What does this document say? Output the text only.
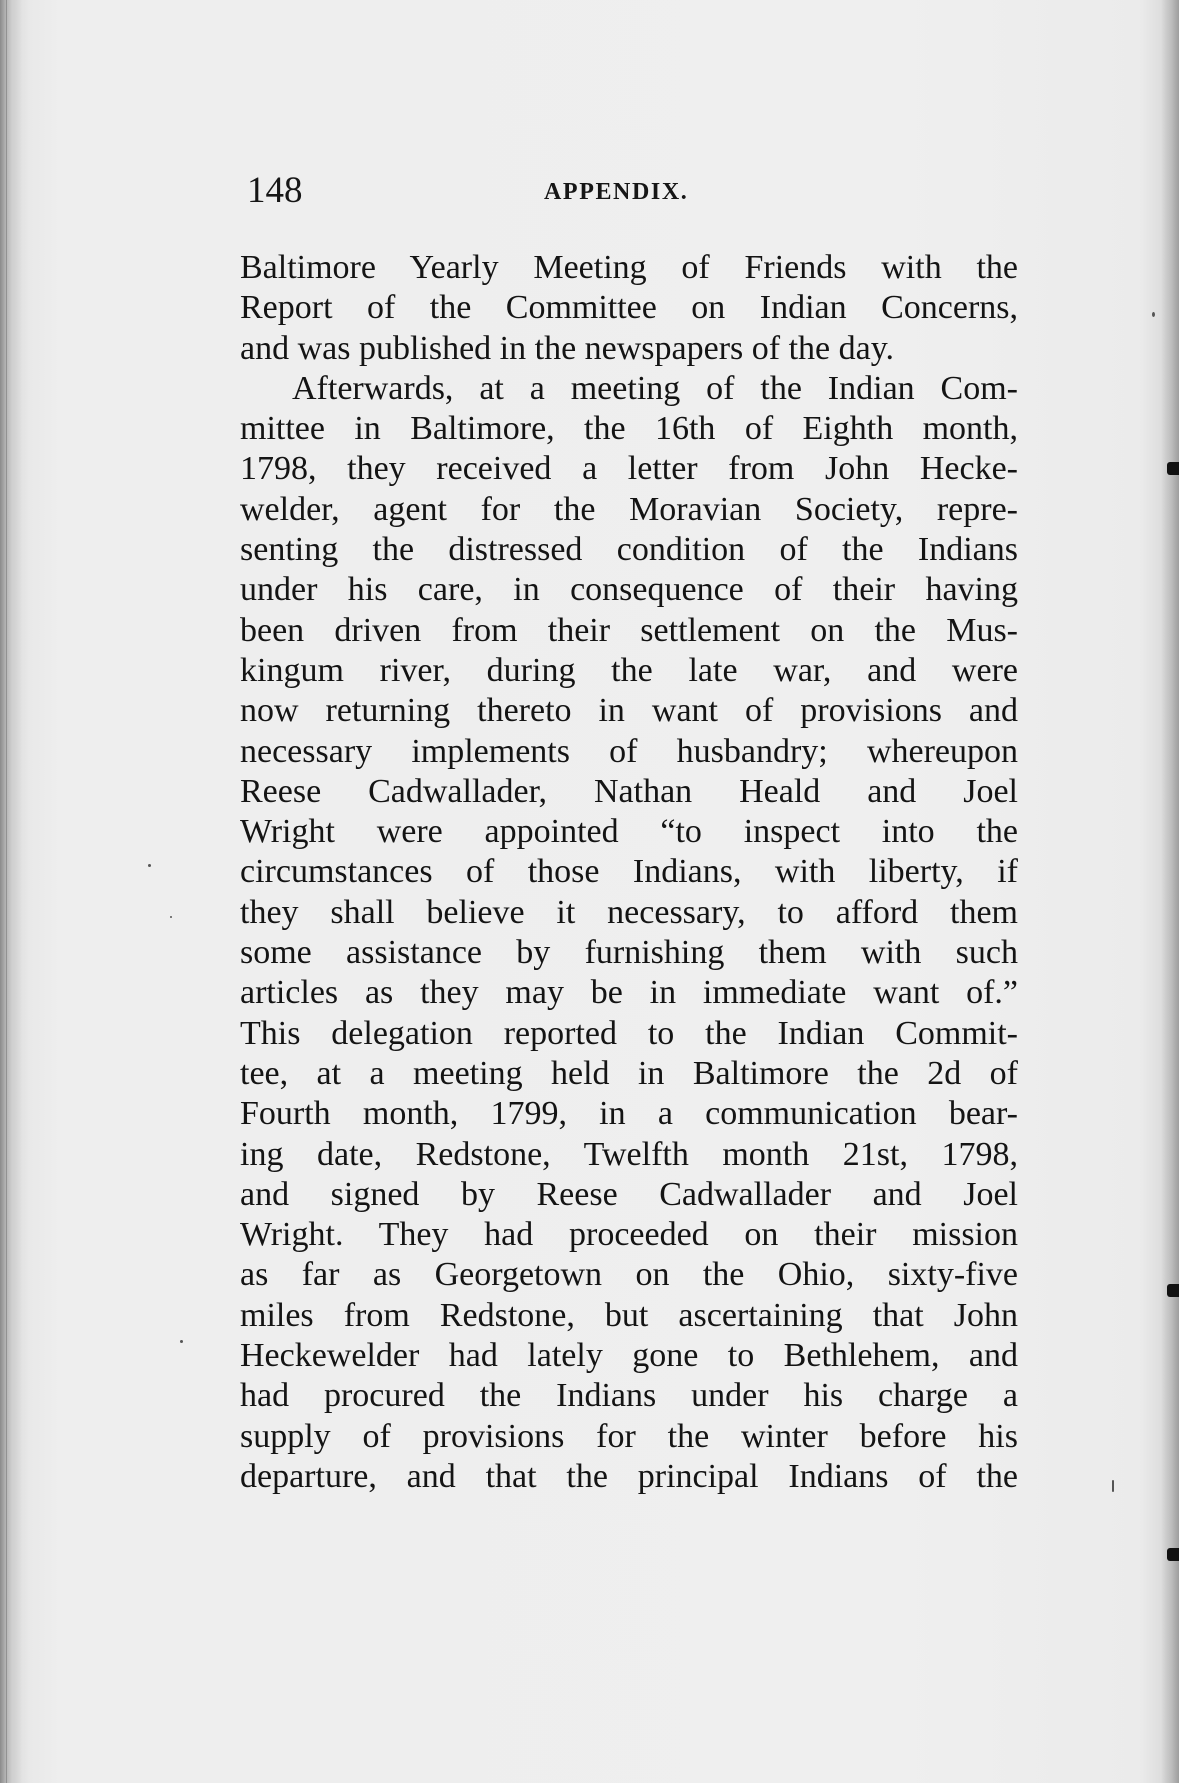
148	APPENDIX.
Baltimore Yearly Meeting of Friends with the
Report of the Committee on Indian Concerns,
and was published in the newspapers of the day.
Afterwards, at a meeting of the Indian Com-
mittee in Baltimore, the 16th of Eighth month,
1798, they received a letter from John Hecke-
welder, agent for the Moravian Society, repre-
senting the distressed condition of the Indians
under his care, in consequence of their having
been driven from their settlement on the Mus-
kingum river, during the late war, and were
now returning thereto in want of provisions and
necessary implements of husbandry; whereupon
Reese Cadwallader, Nathan Heald and Joel
Wright were appointed “to inspect into the
circumstances of those Indians, with liberty, if
they shall believe it necessary, to afford them
some assistance by furnishing them with such
articles as they may be in immediate want of.”
This delegation reported to the Indian Commit-
tee, at a meeting held in Baltimore the 2d of
Fourth month, 1799, in a communication bear-
ing date, Redstone, Twelfth month 21st, 1798,
and signed by Reese Cadwallader and Joel
Wright. They had proceeded on their mission
as far as Georgetown on the Ohio, sixty-five
miles from Redstone, but ascertaining that John
Heckewelder had lately gone to Bethlehem, and
had procured the Indians under his charge a
supply of provisions for the winter before his
departure, and that the principal Indians of the
